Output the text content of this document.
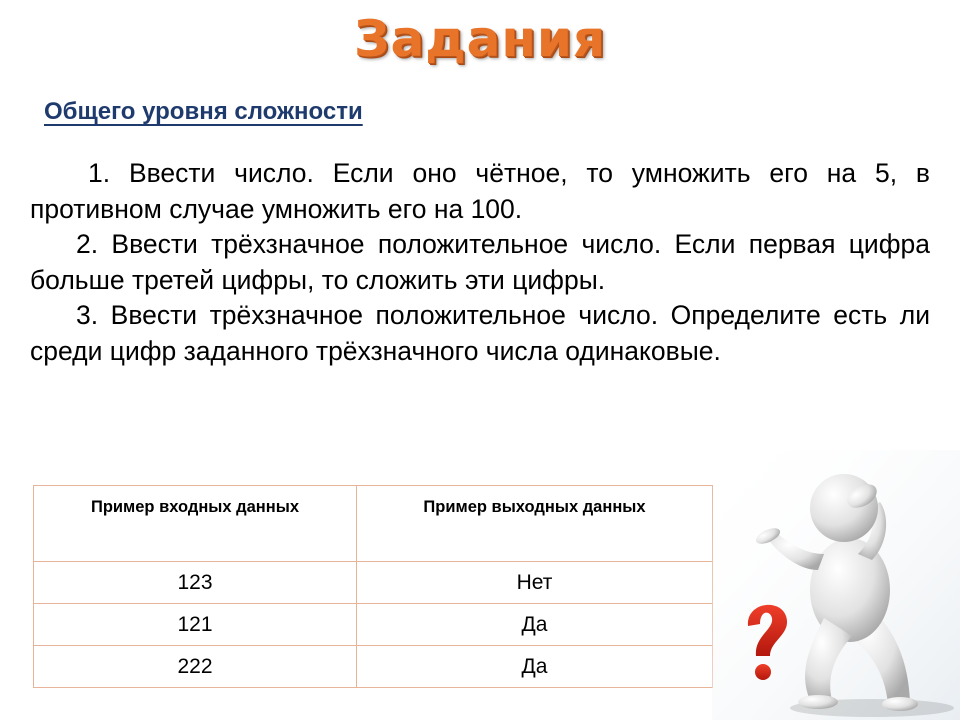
Задания
Общего уровня сложности

1. Ввести число. Если оно чётное, то умножить его на 5, в противном случае умножить его на 100.

2. Ввести трёхзначное положительное число. Если первая цифра больше третей цифры, то сложить эти цифры.

3. Ввести трёхзначное положительное число. Определите есть ли среди цифр заданного трёхзначного числа одинаковые.

Пример входных данных	Пример выходных данных
123	Нет
121	Да
222	Да
